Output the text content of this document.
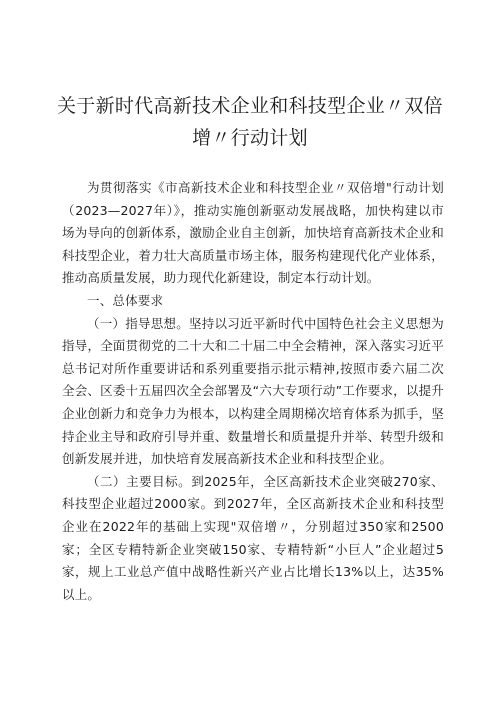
关于新时代高新技术企业和科技型企业〃双倍增〃行动计划

为贯彻落实《市高新技术企业和科技型企业〃双倍增"行动计划（2023—2027年）》，推动实施创新驱动发展战略，加快构建以市场为导向的创新体系，激励企业自主创新，加快培育高新技术企业和科技型企业，着力壮大高质量市场主体，服务构建现代化产业体系，推动高质量发展，助力现代化新建设，制定本行动计划。

一、总体要求

（一）指导思想。坚持以习近平新时代中国特色社会主义思想为指导，全面贯彻党的二十大和二十届二中全会精神，深入落实习近平总书记对所作重要讲话和系列重要指示批示精神,按照市委六届二次全会、区委十五届四次全会部署及“六大专项行动”工作要求，以提升企业创新力和竞争力为根本，以构建全周期梯次培育体系为抓手，坚持企业主导和政府引导并重、数量增长和质量提升并举、转型升级和创新发展并进，加快培育发展高新技术企业和科技型企业。

（二）主要目标。到2025年，全区高新技术企业突破270家、科技型企业超过2000家。到2027年，全区高新技术企业和科技型企业在2022年的基础上实现"双倍增〃，分别超过350家和2500家；全区专精特新企业突破150家、专精特新“小巨人”企业超过5家，规上工业总产值中战略性新兴产业占比增长13%以上，达35%以上。
